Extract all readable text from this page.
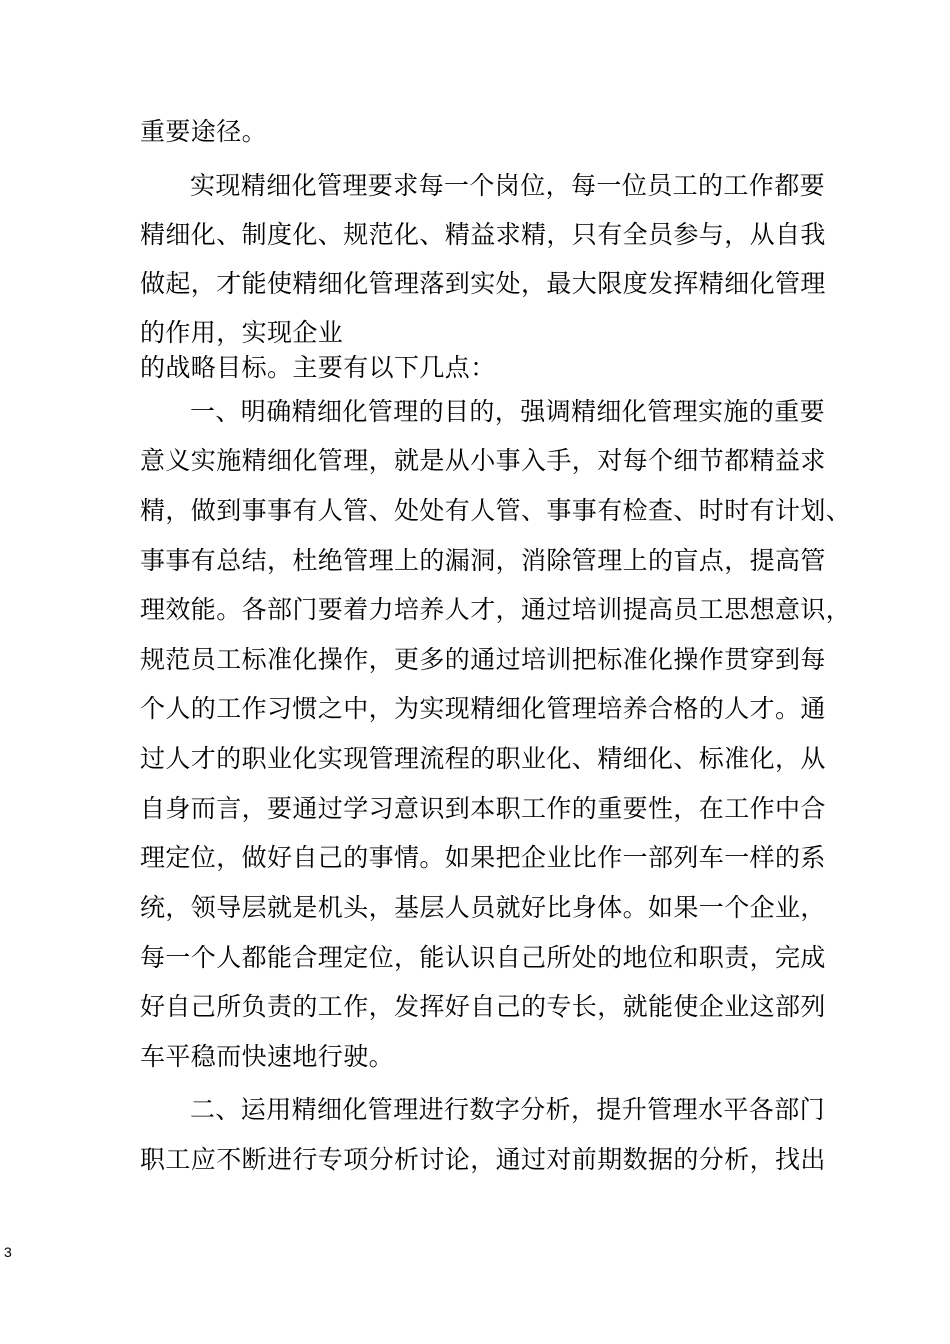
重要途径。
实现精细化管理要求每一个岗位，每一位员工的工作都要
精细化、制度化、规范化、精益求精，只有全员参与，从自我
做起，才能使精细化管理落到实处，最大限度发挥精细化管理
的作用，实现企业
的战略目标。主要有以下几点：
一、明确精细化管理的目的，强调精细化管理实施的重要
意义实施精细化管理，就是从小事入手，对每个细节都精益求
精，做到事事有人管、处处有人管、事事有检查、时时有计划、
事事有总结，杜绝管理上的漏洞，消除管理上的盲点，提高管
理效能。各部门要着力培养人才，通过培训提高员工思想意识，
规范员工标准化操作，更多的通过培训把标准化操作贯穿到每
个人的工作习惯之中，为实现精细化管理培养合格的人才。通
过人才的职业化实现管理流程的职业化、精细化、标准化，从
自身而言，要通过学习意识到本职工作的重要性，在工作中合
理定位，做好自己的事情。如果把企业比作一部列车一样的系
统，领导层就是机头，基层人员就好比身体。如果一个企业，
每一个人都能合理定位，能认识自己所处的地位和职责，完成
好自己所负责的工作，发挥好自己的专长，就能使企业这部列
车平稳而快速地行驶。
二、运用精细化管理进行数字分析，提升管理水平各部门
职工应不断进行专项分析讨论，通过对前期数据的分析，找出
3
